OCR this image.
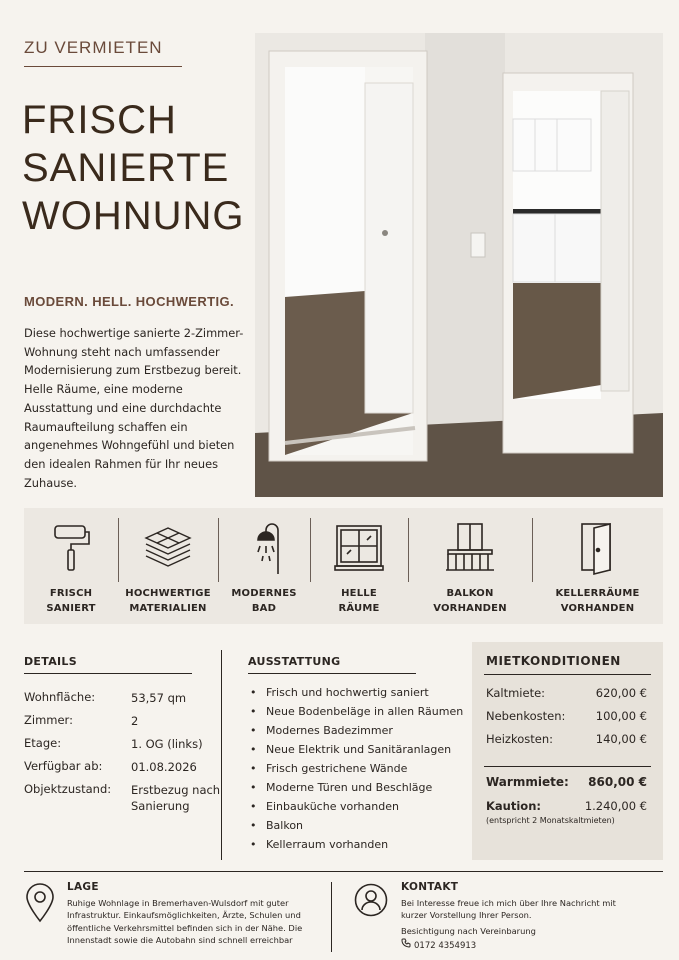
ZU VERMIETEN
FRISCH
SANIERTE
WOHNUNG
MODERN. HELL. HOCHWERTIG.
Diese hochwertige sanierte 2-Zimmer-Wohnung steht nach umfassender Modernisierung zum Erstbezug bereit. Helle Räume, eine moderne Ausstattung und eine durchdachte Raumaufteilung schaffen ein angenehmes Wohngefühl und bieten den idealen Rahmen für Ihr neues Zuhause.
FRISCH
SANIERT
HOCHWERTIGE
MATERIALIEN
MODERNES
BAD
HELLE
RÄUME
BALKON
VORHANDEN
KELLERRÄUME
VORHANDEN
DETAILS
Wohnfläche:	53,57 qm
Zimmer:	2
Etage:	1. OG (links)
Verfügbar ab: 01.08.2026
Objektzustand: Erstbezug nach Sanierung
AUSSTATTUNG
• Frisch und hochwertig saniert
• Neue Bodenbeläge in allen Räumen
• Modernes Badezimmer
• Neue Elektrik und Sanitäranlagen
• Frisch gestrichene Wände
• Moderne Türen und Beschläge
• Einbauküche vorhanden
• Balkon
• Kellerraum vorhanden
MIETKONDITIONEN
Kaltmiete:	620,00 €
Nebenkosten:	100,00 €
Heizkosten:	140,00 €
Warmmiete: 860,00 €
Kaution:	1.240,00 €
(entspricht 2 Monatskaltmieten)
LAGE
Ruhige Wohnlage in Bremerhaven-Wulsdorf mit guter Infrastruktur. Einkaufsmöglichkeiten, Ärzte, Schulen und öffentliche Verkehrsmittel befinden sich in der Nähe. Die Innenstadt sowie die Autobahn sind schnell erreichbar
KONTAKT
Bei Interesse freue ich mich über Ihre Nachricht mit kurzer Vorstellung Ihrer Person.
Besichtigung nach Vereinbarung
0172 4354913
